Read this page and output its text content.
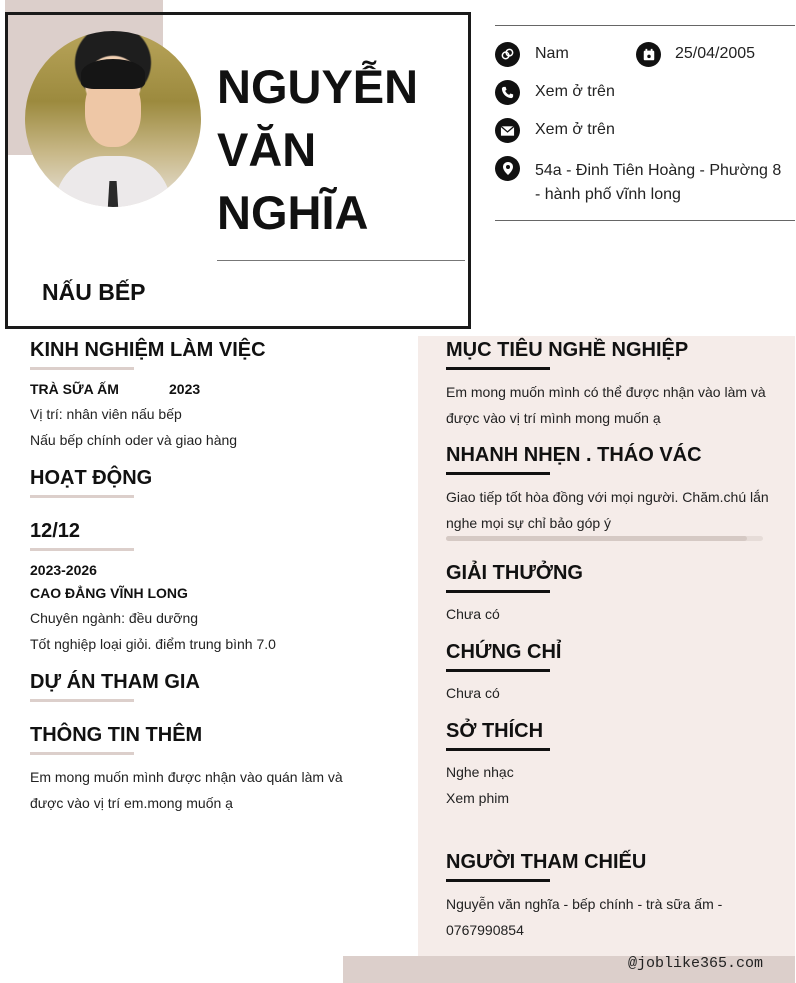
NGUYỄN
VĂN
NGHĨA
NẤU BẾP
Nam	25/04/2005
Xem ở trên
Xem ở trên
54a - Đinh Tiên Hoàng - Phường 8
- hành phố vĩnh long
KINH NGHIỆM LÀM VIỆC
TRÀ SỮA ẤM	2023
Vị trí: nhân viên nấu bếp
Nấu bếp chính oder và giao hàng
HOẠT ĐỘNG
12/12
2023-2026
CAO ĐẲNG VĨNH LONG
Chuyên ngành: đều dưỡng
Tốt nghiệp loại giỏi. điểm trung bình 7.0
DỰ ÁN THAM GIA
THÔNG TIN THÊM
Em mong muốn mình được nhận vào quán làm và
được vào vị trí em.mong muốn ạ
MỤC TIÊU NGHỀ NGHIỆP
Em mong muốn mình có thể được nhận vào làm và
được vào vị trí mình mong muốn ạ
NHANH NHẸN . THÁO VÁC
Giao tiếp tốt hòa đồng với mọi người. Chăm.chú lắn
nghe mọi sự chỉ bảo góp ý
GIẢI THƯỞNG
Chưa có
CHỨNG CHỈ
Chưa có
SỞ THÍCH
Nghe nhạc
Xem phim
NGƯỜI THAM CHIẾU
Nguyễn văn nghĩa - bếp chính - trà sữa ấm -
0767990854
@joblike365.com
